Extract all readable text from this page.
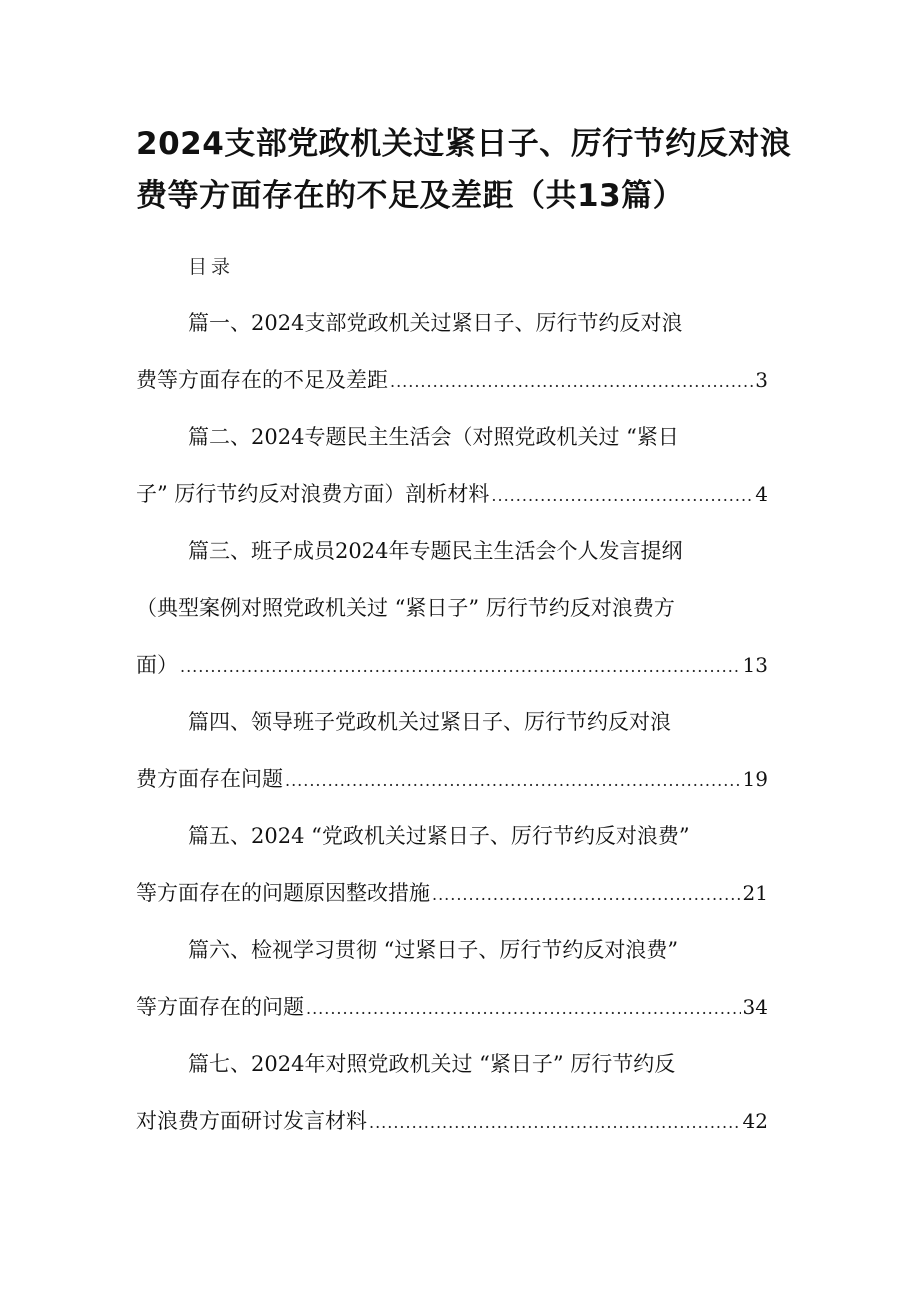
2024支部党政机关过紧日子、厉行节约反对浪费等方面存在的不足及差距（共13篇）
目录
篇一、2024支部党政机关过紧日子、厉行节约反对浪
费等方面存在的不足及差距 .....	3
篇二、2024专题民主生活会（对照党政机关过 “紧日
子” 厉行节约反对浪费方面）剖析材料 .....	4
篇三、班子成员2024年专题民主生活会个人发言提纲
（典型案例对照党政机关过 “紧日子” 厉行节约反对浪费方
面） .....	13
篇四、领导班子党政机关过紧日子、厉行节约反对浪
费方面存在问题 .....	19
篇五、2024 “党政机关过紧日子、厉行节约反对浪费”
等方面存在的问题原因整改措施 .....	21
篇六、检视学习贯彻 “过紧日子、厉行节约反对浪费”
等方面存在的问题 .....	34
篇七、2024年对照党政机关过 “紧日子” 厉行节约反
对浪费方面研讨发言材料 .....	42
